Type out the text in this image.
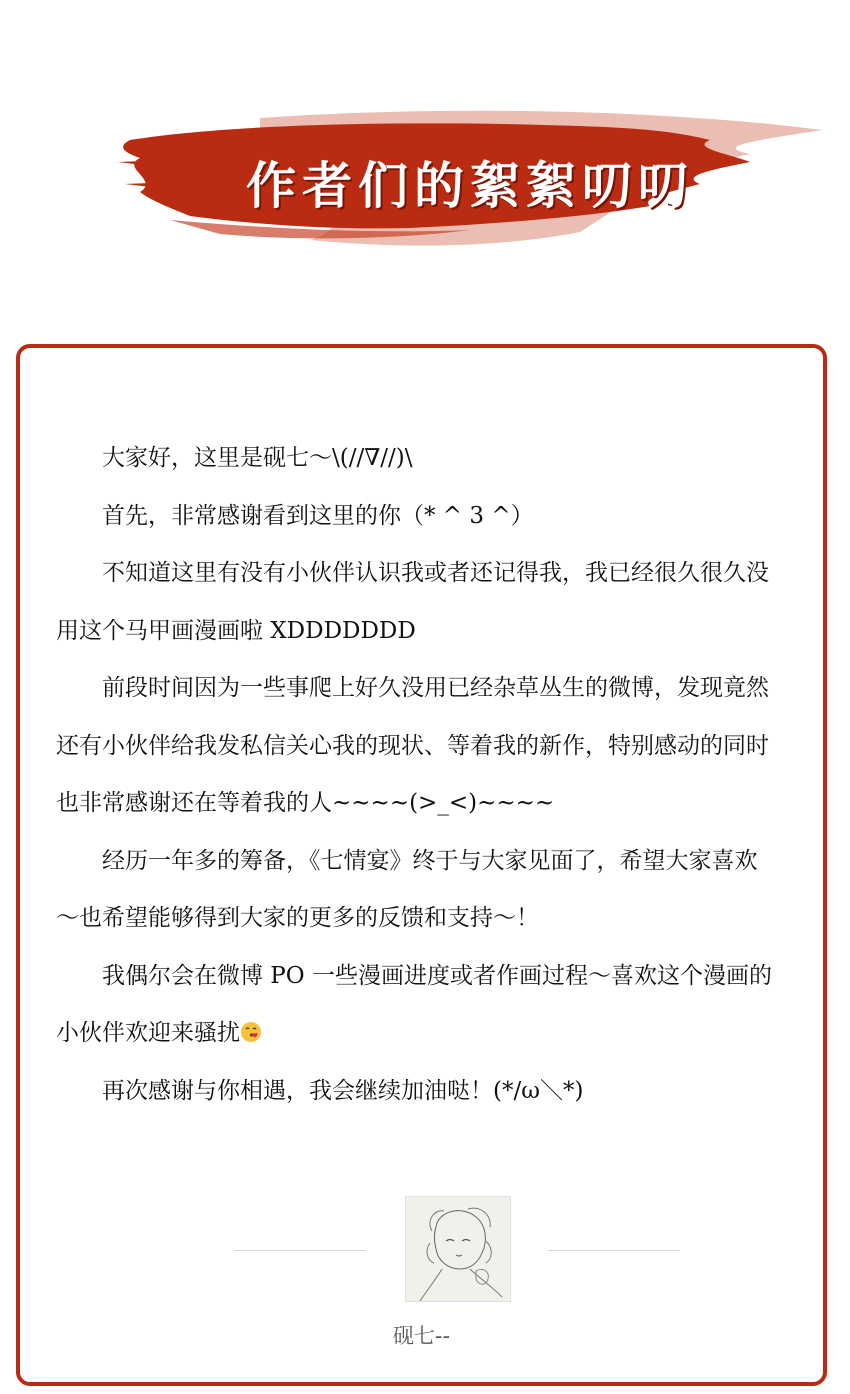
作者们的絮絮叨叨

大家好，这里是砚七～\(//∇//)\

首先，非常感谢看到这里的你（* ^ 3 ^）

不知道这里有没有小伙伴认识我或者还记得我，我已经很久很久没用这个马甲画漫画啦 XDDDDDDD

前段时间因为一些事爬上好久没用已经杂草丛生的微博，发现竟然还有小伙伴给我发私信关心我的现状、等着我的新作，特别感动的同时也非常感谢还在等着我的人~~~~(>_<)~~~~

经历一年多的筹备，《七情宴》终于与大家见面了，希望大家喜欢～也希望能够得到大家的更多的反馈和支持～！

我偶尔会在微博 PO 一些漫画进度或者作画过程～喜欢这个漫画的小伙伴欢迎来骚扰

再次感谢与你相遇，我会继续加油哒！(*/ω＼*)

砚七--
